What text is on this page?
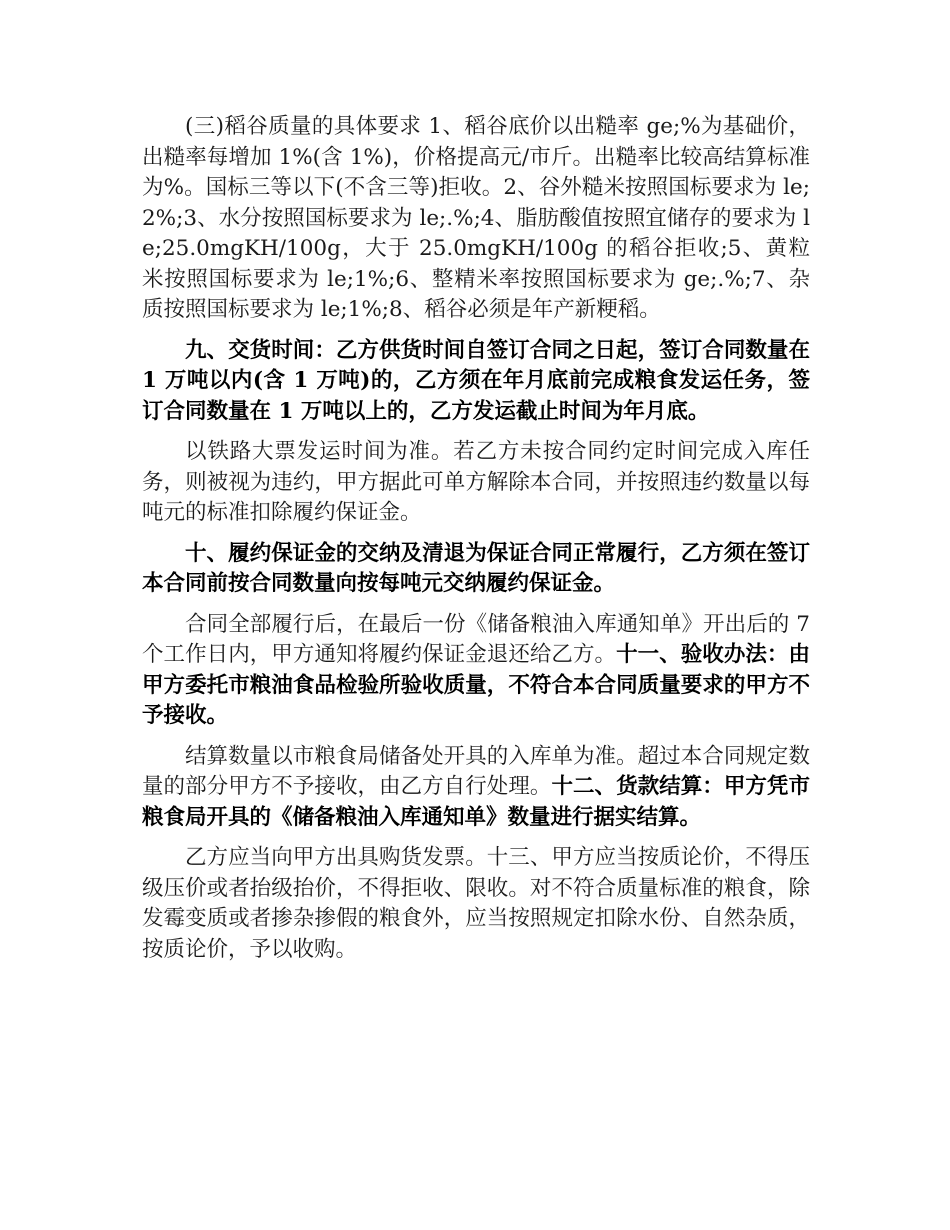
(三)稻谷质量的具体要求 1、稻谷底价以出糙率 ge;%为基础价，出糙率每增加 1%(含 1%)，价格提高元/市斤。出糙率比较高结算标准为%。国标三等以下(不含三等)拒收。2、谷外糙米按照国标要求为 le;2%;3、水分按照国标要求为 le;.%;4、脂肪酸值按照宜储存的要求为 le;25.0mgKH/100g，大于 25.0mgKH/100g 的稻谷拒收;5、黄粒米按照国标要求为 le;1%;6、整精米率按照国标要求为 ge;.%;7、杂质按照国标要求为 le;1%;8、稻谷必须是年产新粳稻。

九、交货时间：乙方供货时间自签订合同之日起，签订合同数量在 1 万吨以内(含 1 万吨)的，乙方须在年月底前完成粮食发运任务，签订合同数量在 1 万吨以上的，乙方发运截止时间为年月底。

以铁路大票发运时间为准。若乙方未按合同约定时间完成入库任务，则被视为违约，甲方据此可单方解除本合同，并按照违约数量以每吨元的标准扣除履约保证金。

十、履约保证金的交纳及清退为保证合同正常履行，乙方须在签订本合同前按合同数量向按每吨元交纳履约保证金。

合同全部履行后，在最后一份《储备粮油入库通知单》开出后的 7 个工作日内，甲方通知将履约保证金退还给乙方。十一、验收办法：由甲方委托市粮油食品检验所验收质量，不符合本合同质量要求的甲方不予接收。

结算数量以市粮食局储备处开具的入库单为准。超过本合同规定数量的部分甲方不予接收，由乙方自行处理。十二、货款结算：甲方凭市粮食局开具的《储备粮油入库通知单》数量进行据实结算。

乙方应当向甲方出具购货发票。十三、甲方应当按质论价，不得压级压价或者抬级抬价，不得拒收、限收。对不符合质量标准的粮食，除发霉变质或者掺杂掺假的粮食外，应当按照规定扣除水份、自然杂质，按质论价，予以收购。
